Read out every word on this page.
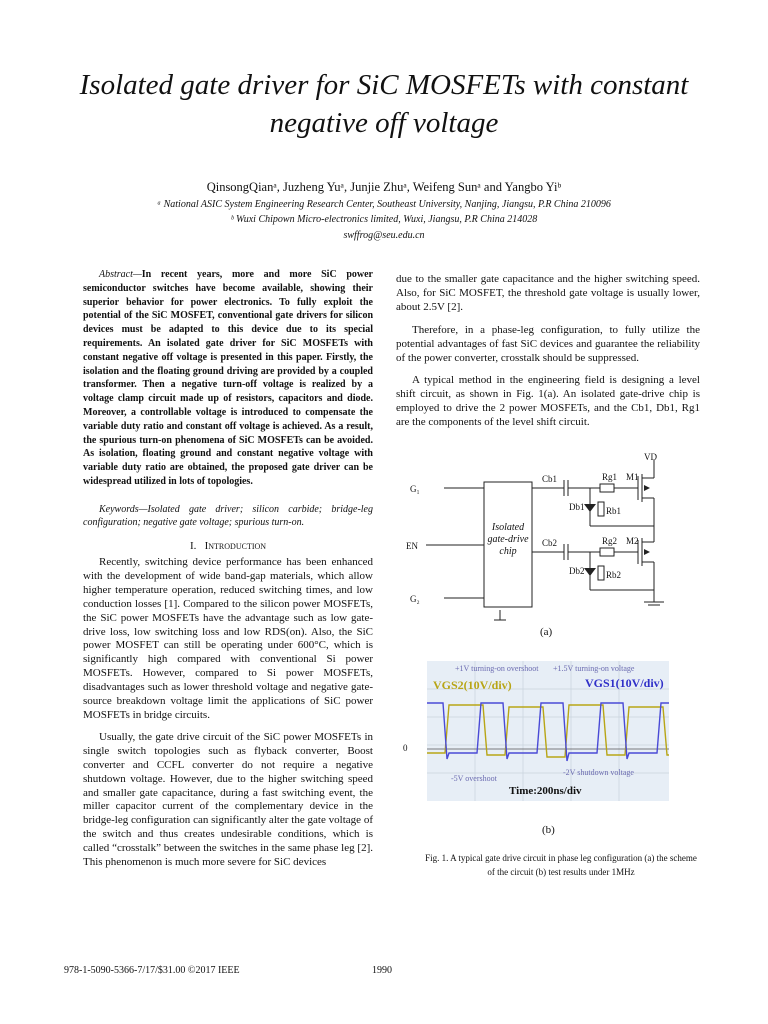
Isolated gate driver for SiC MOSFETs with constant negative off voltage
QinsongQianᵃ, Juzheng Yuᵃ, Junjie Zhuᵃ, Weifeng Sunᵃ and Yangbo Yiᵇ
ᵃ National ASIC System Engineering Research Center, Southeast University, Nanjing, Jiangsu, P.R China 210096
ᵇ Wuxi Chipown Micro-electronics limited, Wuxi, Jiangsu, P.R China 214028
swffrog@seu.edu.cn

Abstract—In recent years, more and more SiC power semiconductor switches have become available, showing their superior behavior for power electronics. To fully exploit the potential of the SiC MOSFET, conventional gate drivers for silicon devices must be adapted to this device due to its special requirements. An isolated gate driver for SiC MOSFETs with constant negative off voltage is presented in this paper. Firstly, the isolation and the floating ground driving are provided by a coupled transformer. Then a negative turn-off voltage is realized by a voltage clamp circuit made up of resistors, capacitors and diode. Moreover, a controllable voltage is introduced to compensate the variable duty ratio and constant off voltage is achieved. As a result, the spurious turn-on phenomena of SiC MOSFETs can be avoided. As isolation, floating ground and constant negative voltage with variable duty ratio are obtained, the proposed gate driver can be widespread utilized in lots of topologies.

Keywords—Isolated gate driver; silicon carbide; bridge-leg configuration; negative gate voltage; spurious turn-on.

I. Introduction

Recently, switching device performance has been enhanced with the development of wide band-gap materials, which allow higher temperature operation, reduced switching times, and low conduction losses [1]. Compared to the silicon power MOSFETs, the SiC power MOSFETs have the advantage such as low gate-drive loss, low switching loss and low RDS(on). Also, the SiC power MOSFET can still be operating under 600°C, which is significantly high compared with conventional Si power MOSFETs. However, compared to Si power MOSFETs, disadvantages such as lower threshold voltage and negative gate-source breakdown voltage limit the applications of SiC power MOSFETs in bridge circuits.

Usually, the gate drive circuit of the SiC power MOSFETs in single switch topologies such as flyback converter, Boost converter and CCFL converter do not require a negative shutdown voltage. However, due to the higher switching speed and smaller gate capacitance, during a fast switching event, the miller capacitor current of the complementary device in the bridge-leg configuration can significantly alter the gate voltage of the switch and thus creates undesirable conditions, which is called “crosstalk” between the switches in the same phase leg [2]. This phenomenon is much more severe for SiC devices

due to the smaller gate capacitance and the higher switching speed. Also, for SiC MOSFET, the threshold gate voltage is usually lower, about 2.5V [2].

Therefore, in a phase-leg configuration, to fully utilize the potential advantages of fast SiC devices and guarantee the reliability of the power converter, crosstalk should be suppressed.

A typical method in the engineering field is designing a level shift circuit, as shown in Fig. 1(a). An isolated gate-drive chip is employed to drive the 2 power MOSFETs, and the Cb1, Db1, Rg1 are the components of the level shift circuit.

G₁
EN
G₂
Cb1
Cb2
Db1
Db2
Rg1
Rg2
Rb1
Rb2
M1
M2
VD
Isolated gate-drive chip
(a)
+1V turning-on overshoot +1.5V turning-on voltage
VGS2(10V/div)	VGS1(10V/div)
0
-5V overshoot
-2V shutdown voltage
Time:200ns/div
(b)
Fig. 1. A typical gate drive circuit in phase leg configuration (a) the scheme
of the circuit (b) test results under 1MHz
978-1-5090-5366-7/17/$31.00 ©2017 IEEE	1990
